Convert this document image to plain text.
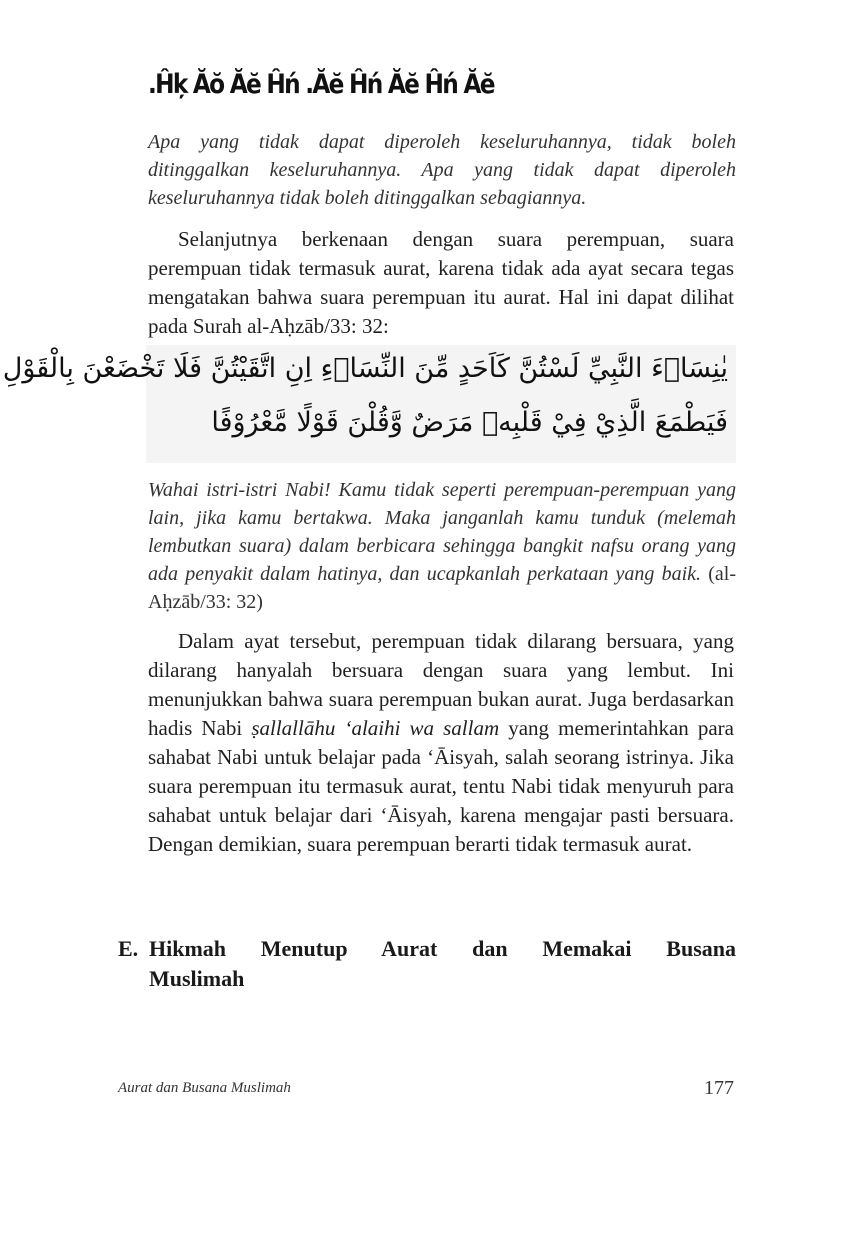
.Ĥķ Ăŏ Ăĕ Ĥń .Ăĕ Ĥń Ăĕ Ĥń Ăĕ

Apa yang tidak dapat diperoleh keseluruhannya, tidak boleh ditinggalkan keseluruhannya. Apa yang tidak dapat diperoleh keseluruhannya tidak boleh ditinggalkan sebagiannya.

Selanjutnya berkenaan dengan suara perempuan, suara perempuan tidak termasuk aurat, karena tidak ada ayat secara tegas mengatakan bahwa suara perempuan itu aurat. Hal ini dapat dilihat pada Surah al-Aḥzāb/33: 32:

يٰنِسَاۤءَ النَّبِيِّ لَسْتُنَّ كَاَحَدٍ مِّنَ النِّسَاۤءِ اِنِ اتَّقَيْتُنَّ فَلَا تَخْضَعْنَ بِالْقَوْلِ
فَيَطْمَعَ الَّذِيْ فِيْ قَلْبِهٖ مَرَضٌ وَّقُلْنَ قَوْلًا مَّعْرُوْفًا

Wahai istri-istri Nabi! Kamu tidak seperti perempuan-perempuan yang lain, jika kamu bertakwa. Maka janganlah kamu tunduk (melemah lembutkan suara) dalam berbicara sehingga bangkit nafsu orang yang ada penyakit dalam hatinya, dan ucapkanlah perkataan yang baik. (al-Aḥzāb/33: 32)

Dalam ayat tersebut, perempuan tidak dilarang bersuara, yang dilarang hanyalah bersuara dengan suara yang lembut. Ini menunjukkan bahwa suara perempuan bukan aurat. Juga berdasarkan hadis Nabi ṣallallāhu ‘alaihi wa sallam yang memerintahkan para sahabat Nabi untuk belajar pada ‘Āisyah, salah seorang istrinya. Jika suara perempuan itu termasuk aurat, tentu Nabi tidak menyuruh para sahabat untuk belajar dari ‘Āisyah, karena mengajar pasti bersuara. Dengan demikian, suara perempuan berarti tidak termasuk aurat.

E. Hikmah Menutup Aurat dan Memakai Busana
Muslimah
Aurat dan Busana Muslimah	177
